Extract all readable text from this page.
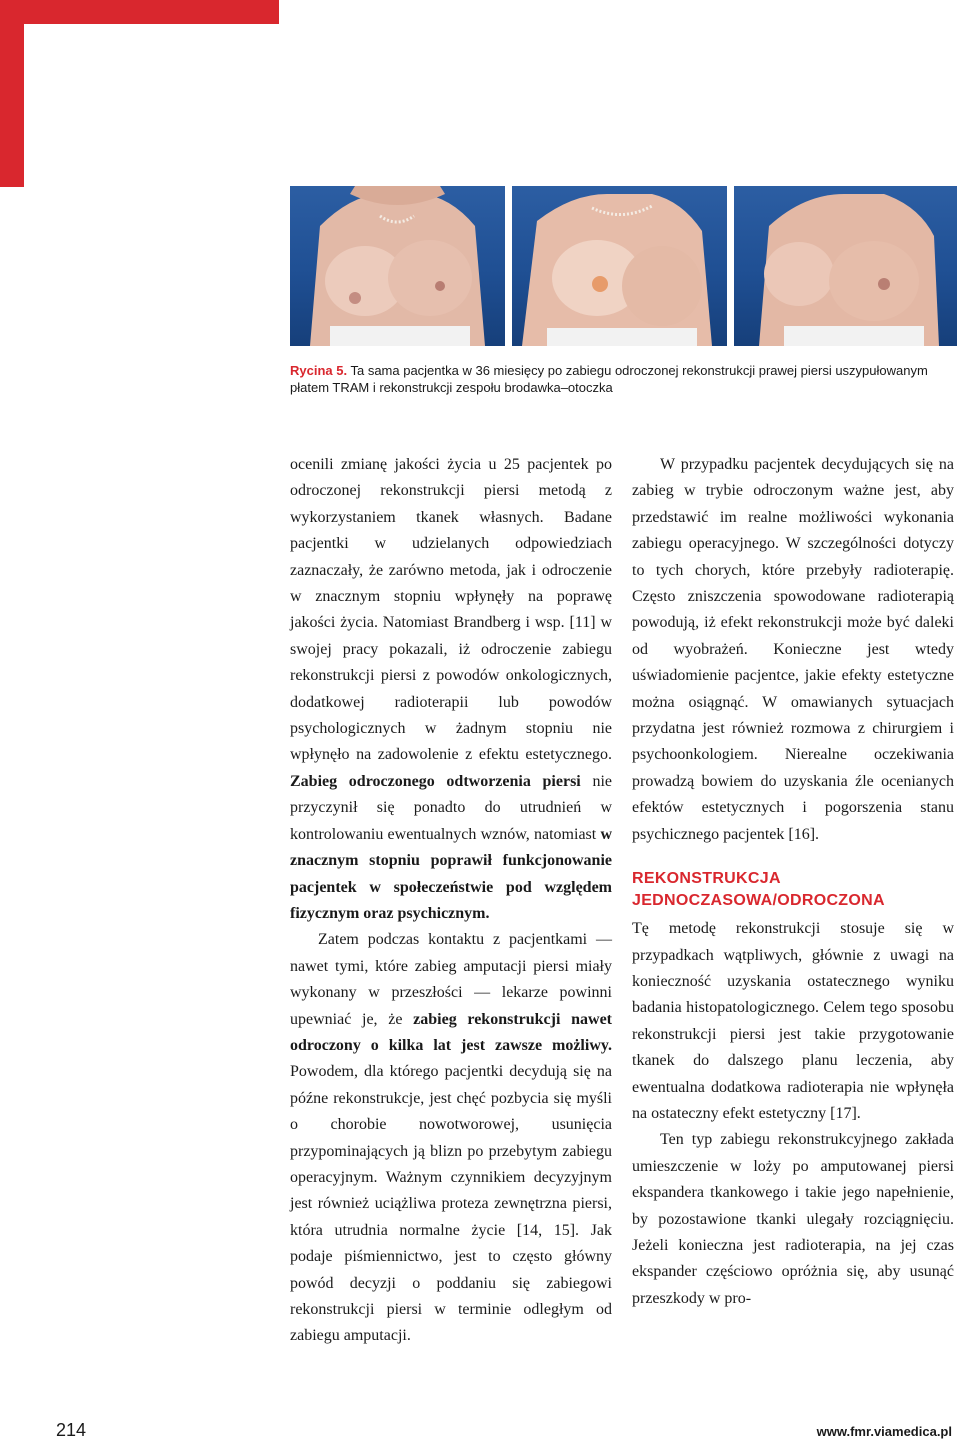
Rycina 5. Ta sama pacjentka w 36 miesięcy po zabiegu odroczonej rekonstrukcji prawej piersi uszypułowanym płatem TRAM i rekonstrukcji zespołu brodawka–otoczka

ocenili zmianę jakości życia u 25 pacjentek po odroczonej rekonstrukcji piersi metodą z wykorzystaniem tkanek własnych. Badane pacjentki w udzielanych odpowiedziach zaznaczały, że zarówno metoda, jak i odroczenie w znacznym stopniu wpłynęły na poprawę jakości życia. Natomiast Brandberg i wsp. [11] w swojej pracy pokazali, iż odroczenie zabiegu rekonstrukcji piersi z powodów onkologicznych, dodatkowej radioterapii lub powodów psychologicznych w żadnym stopniu nie wpłynęło na zadowolenie z efektu estetycznego. Zabieg odroczonego odtworzenia piersi nie przyczynił się ponadto do utrudnień w kontrolowaniu ewentualnych wznów, natomiast w znacznym stopniu poprawił funkcjonowanie pacjentek w społeczeństwie pod względem fizycznym oraz psychicznym.

Zatem podczas kontaktu z pacjentkami — nawet tymi, które zabieg amputacji piersi miały wykonany w przeszłości — lekarze powinni upewniać je, że zabieg rekonstrukcji nawet odroczony o kilka lat jest zawsze możliwy. Powodem, dla którego pacjentki decydują się na późne rekonstrukcje, jest chęć pozbycia się myśli o chorobie nowotworowej, usunięcia przypominających ją blizn po przebytym zabiegu operacyjnym. Ważnym czynnikiem decyzyjnym jest również uciążliwa proteza zewnętrzna piersi, która utrudnia normalne życie [14, 15]. Jak podaje piśmiennictwo, jest to często główny powód decyzji o poddaniu się zabiegowi rekonstrukcji piersi w terminie odległym od zabiegu amputacji.

W przypadku pacjentek decydujących się na zabieg w trybie odroczonym ważne jest, aby przedstawić im realne możliwości wykonania zabiegu operacyjnego. W szczególności dotyczy to tych chorych, które przebyły radioterapię. Często zniszczenia spowodowane radioterapią powodują, iż efekt rekonstrukcji może być daleki od wyobrażeń. Konieczne jest wtedy uświadomienie pacjentce, jakie efekty estetyczne można osiągnąć. W omawianych sytuacjach przydatna jest również rozmowa z chirurgiem i psychoonkologiem. Nierealne oczekiwania prowadzą bowiem do uzyskania źle ocenianych efektów estetycznych i pogorszenia stanu psychicznego pacjentek [16].

REKONSTRUKCJA
JEDNOCZASOWA/ODROCZONA

Tę metodę rekonstrukcji stosuje się w przypadkach wątpliwych, głównie z uwagi na konieczność uzyskania ostatecznego wyniku badania histopatologicznego. Celem tego sposobu rekonstrukcji piersi jest takie przygotowanie tkanek do dalszego planu leczenia, aby ewentualna dodatkowa radioterapia nie wpłynęła na ostateczny efekt estetyczny [17].

Ten typ zabiegu rekonstrukcyjnego zakłada umieszczenie w loży po amputowanej piersi ekspandera tkankowego i takie jego napełnienie, by pozostawione tkanki ulegały rozciągnięciu. Jeżeli konieczna jest radioterapia, na jej czas ekspander częściowo opróżnia się, aby usunąć przeszkody w pro-

214	www.fmr.viamedica.pl
